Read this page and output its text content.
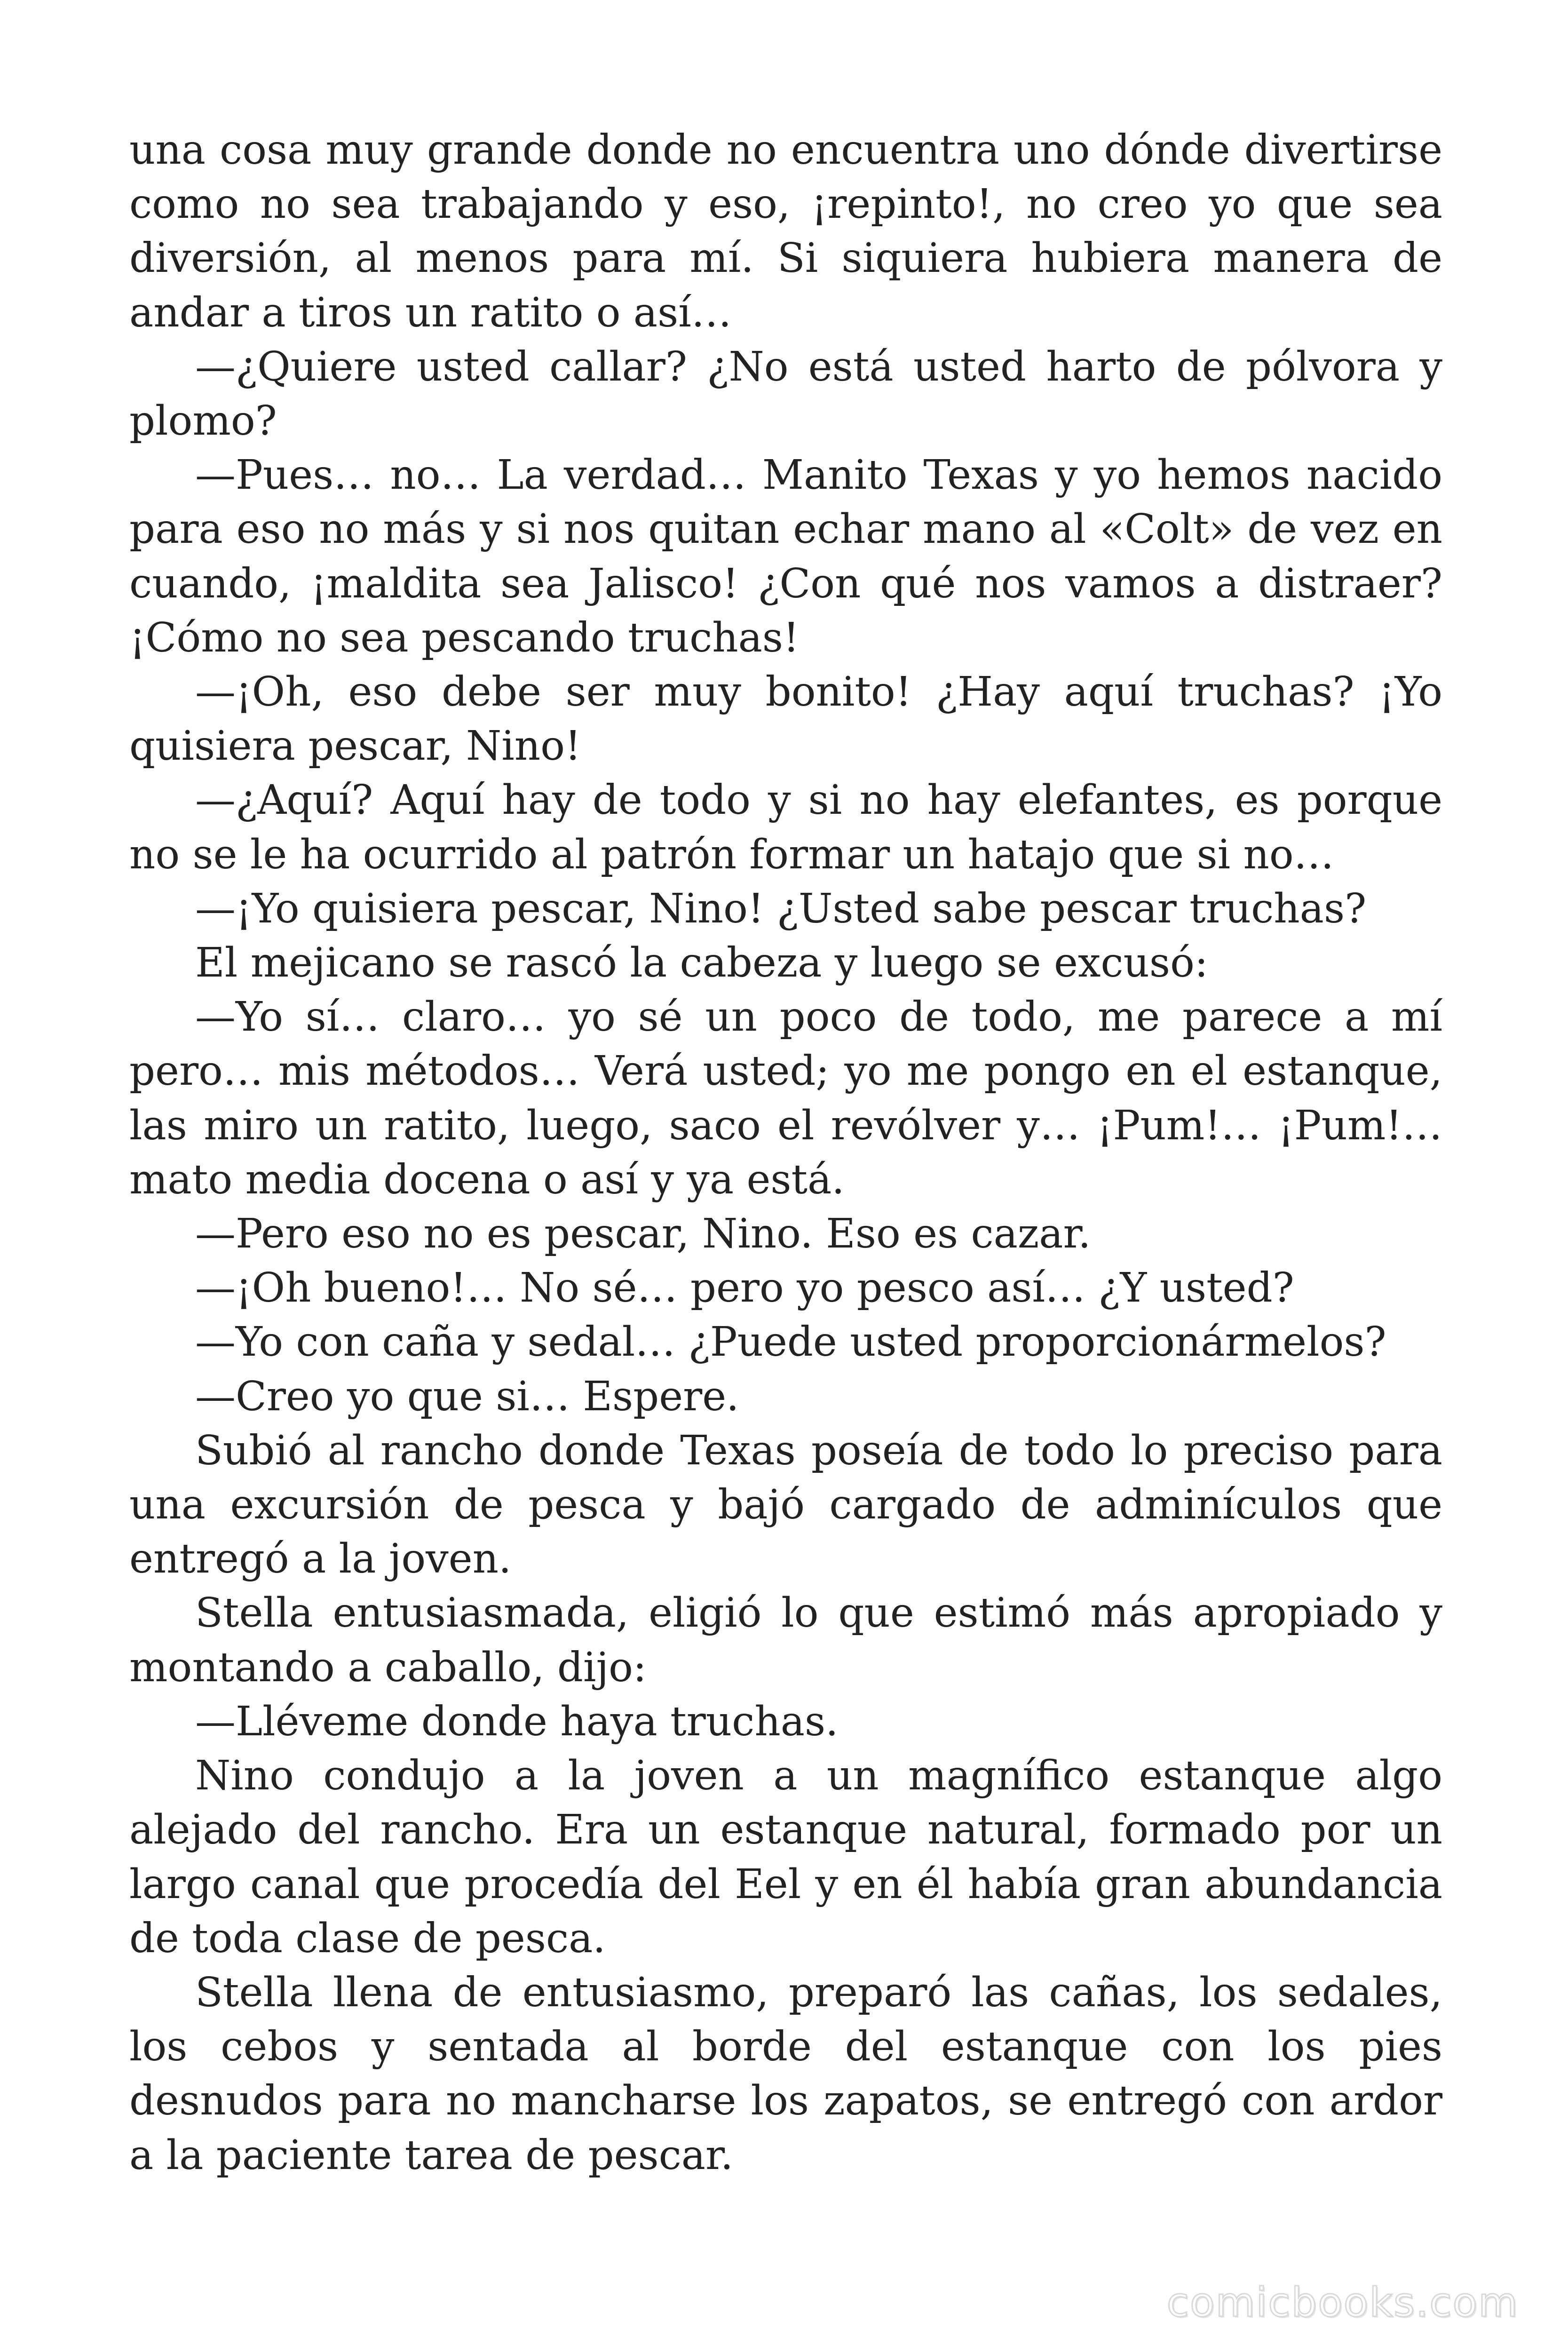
una cosa muy grande donde no encuentra uno dónde divertirse como no sea trabajando y eso, ¡repinto!, no creo yo que sea diversión, al menos para mí. Si siquiera hubiera manera de andar a tiros un ratito o así…

—¿Quiere usted callar? ¿No está usted harto de pólvora y plomo?

—Pues… no… La verdad… Manito Texas y yo hemos nacido para eso no más y si nos quitan echar mano al «Colt» de vez en cuando, ¡maldita sea Jalisco! ¿Con qué nos vamos a distraer? ¡Cómo no sea pescando truchas!

—¡Oh, eso debe ser muy bonito! ¿Hay aquí truchas? ¡Yo quisiera pescar, Nino!

—¿Aquí? Aquí hay de todo y si no hay elefantes, es porque no se le ha ocurrido al patrón formar un hatajo que si no…

—¡Yo quisiera pescar, Nino! ¿Usted sabe pescar truchas?

El mejicano se rascó la cabeza y luego se excusó:

—Yo sí… claro… yo sé un poco de todo, me parece a mí pero… mis métodos… Verá usted; yo me pongo en el estanque, las miro un ratito, luego, saco el revólver y… ¡Pum!… ¡Pum!… mato media docena o así y ya está.

—Pero eso no es pescar, Nino. Eso es cazar.

—¡Oh bueno!… No sé… pero yo pesco así… ¿Y usted?

—Yo con caña y sedal… ¿Puede usted proporcionármelos?

—Creo yo que si… Espere.

Subió al rancho donde Texas poseía de todo lo preciso para una excursión de pesca y bajó cargado de adminículos que entregó a la joven.

Stella entusiasmada, eligió lo que estimó más apropiado y montando a caballo, dijo:

—Lléveme donde haya truchas.

Nino condujo a la joven a un magnífico estanque algo alejado del rancho. Era un estanque natural, formado por un largo canal que procedía del Eel y en él había gran abundancia de toda clase de pesca.

Stella llena de entusiasmo, preparó las cañas, los sedales, los cebos y sentada al borde del estanque con los pies desnudos para no mancharse los zapatos, se entregó con ardor a la paciente tarea de pescar.

comicbooks.com
